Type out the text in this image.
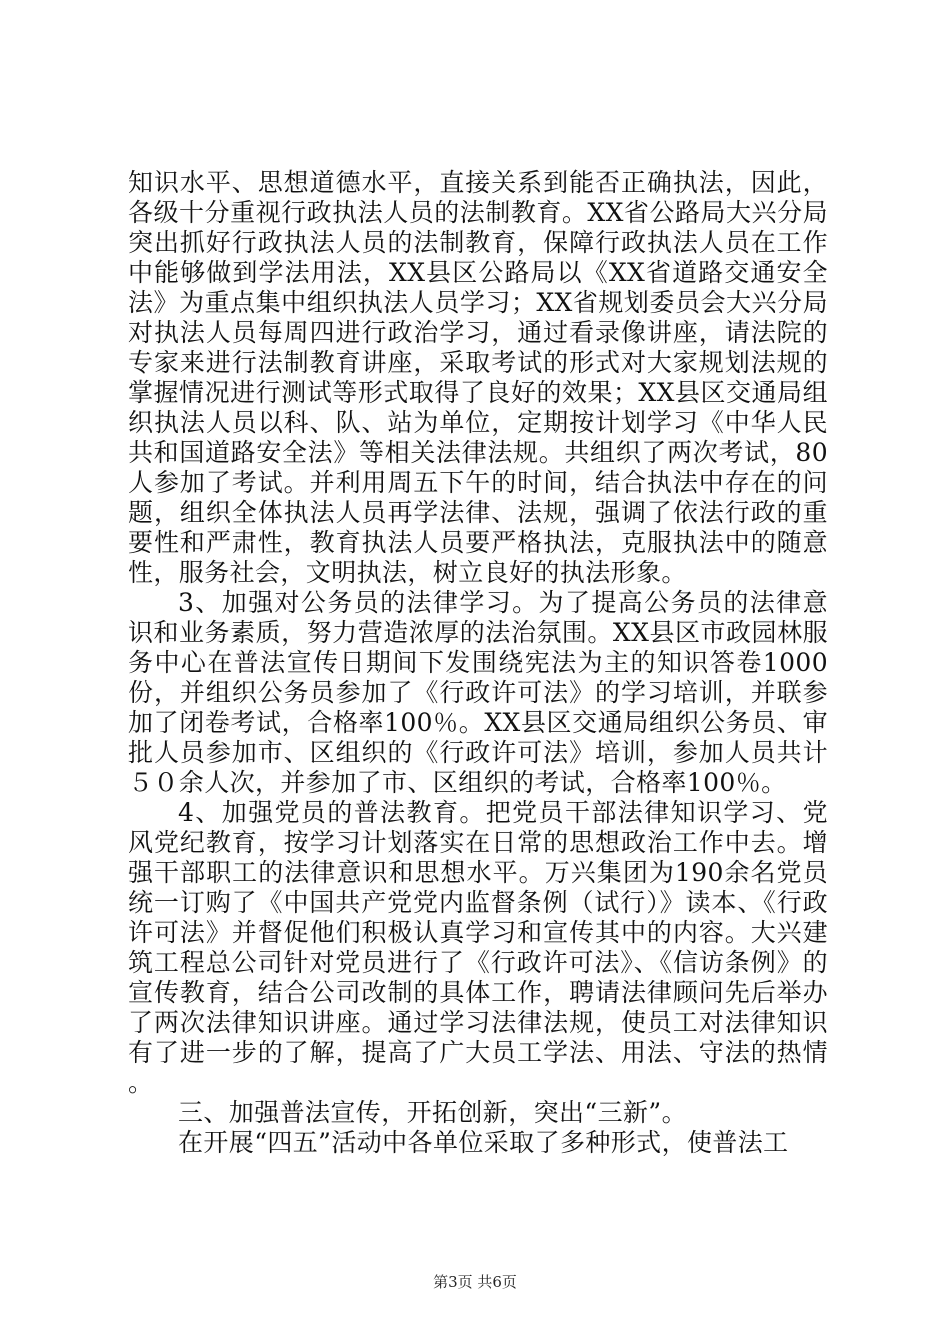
知识水平、思想道德水平，直接关系到能否正确执法，因此，各级十分重视行政执法人员的法制教育。XX省公路局大兴分局突出抓好行政执法人员的法制教育，保障行政执法人员在工作中能够做到学法用法，XX县区公路局以《XX省道路交通安全法》为重点集中组织执法人员学习；XX省规划委员会大兴分局对执法人员每周四进行政治学习，通过看录像讲座，请法院的专家来进行法制教育讲座，采取考试的形式对大家规划法规的掌握情况进行测试等形式取得了良好的效果；XX县区交通局组织执法人员以科、队、站为单位，定期按计划学习《中华人民共和国道路安全法》等相关法律法规。共组织了两次考试，80人参加了考试。并利用周五下午的时间，结合执法中存在的问题，组织全体执法人员再学法律、法规，强调了依法行政的重要性和严肃性，教育执法人员要严格执法，克服执法中的随意性，服务社会，文明执法，树立良好的执法形象。

3、加强对公务员的法律学习。为了提高公务员的法律意识和业务素质，努力营造浓厚的法治氛围。XX县区市政园林服务中心在普法宣传日期间下发围绕宪法为主的知识答卷1000份，并组织公务员参加了《行政许可法》的学习培训，并联参加了闭卷考试，合格率100％。XX县区交通局组织公务员、审批人员参加市、区组织的《行政许可法》培训，参加人员共计５０余人次，并参加了市、区组织的考试，合格率100％。

4、加强党员的普法教育。把党员干部法律知识学习、党风党纪教育，按学习计划落实在日常的思想政治工作中去。增强干部职工的法律意识和思想水平。万兴集团为190余名党员统一订购了《中国共产党党内监督条例（试行）》读本、《行政许可法》并督促他们积极认真学习和宣传其中的内容。大兴建筑工程总公司针对党员进行了《行政许可法》、《信访条例》的宣传教育，结合公司改制的具体工作，聘请法律顾问先后举办了两次法律知识讲座。通过学习法律法规，使员工对法律知识有了进一步的了解，提高了广大员工学法、用法、守法的热情。

三、加强普法宣传，开拓创新，突出“三新”。

在开展“四五”活动中各单位采取了多种形式，使普法工

第3页 共6页
